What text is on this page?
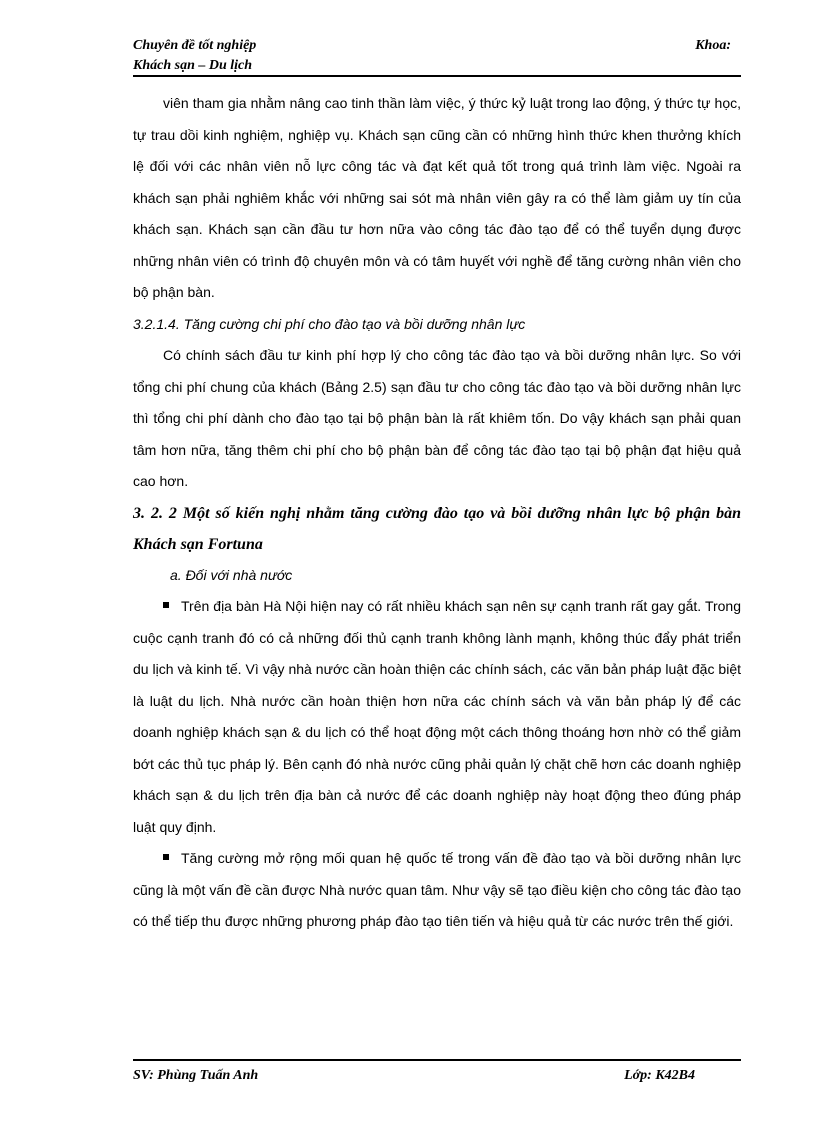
Chuyên đề tốt nghiệp	Khoa:
Khách sạn – Du lịch

viên tham gia nhằm nâng cao tinh thần làm việc, ý thức kỷ luật trong lao động, ý thức tự học, tự trau dồi kinh nghiệm, nghiệp vụ. Khách sạn cũng cần có những hình thức khen thưởng khích lệ đối với các nhân viên nỗ lực công tác và đạt kết quả tốt trong quá trình làm việc. Ngoài ra khách sạn phải nghiêm khắc với những sai sót mà nhân viên gây ra có thể làm giảm uy tín của khách sạn. Khách sạn cần đầu tư hơn nữa vào công tác đào tạo để có thể tuyển dụng được những nhân viên có trình độ chuyên môn và có tâm huyết với nghề để tăng cường nhân viên cho bộ phận bàn.

3.2.1.4. Tăng cường chi phí cho đào tạo và bồi dưỡng nhân lực

Có chính sách đầu tư kinh phí hợp lý cho công tác đào tạo và bồi dưỡng nhân lực. So với tổng chi phí chung của khách (Bảng 2.5) sạn đầu tư cho công tác đào tạo và bồi dưỡng nhân lực thì tổng chi phí dành cho đào tạo tại bộ phận bàn là rất khiêm tốn. Do vậy khách sạn phải quan tâm hơn nữa, tăng thêm chi phí cho bộ phận bàn để công tác đào tạo tại bộ phận đạt hiệu quả cao hơn.

3. 2. 2 Một số kiến nghị nhằm tăng cường đào tạo và bồi dưỡng nhân lực bộ phận bàn Khách sạn Fortuna

a. Đối với nhà nước

Trên địa bàn Hà Nội hiện nay có rất nhiều khách sạn nên sự cạnh tranh rất gay gắt. Trong cuộc cạnh tranh đó có cả những đối thủ cạnh tranh không lành mạnh, không thúc đẩy phát triển du lịch và kinh tế. Vì vậy nhà nước cần hoàn thiện các chính sách, các văn bản pháp luật đặc biệt là luật du lịch. Nhà nước cần hoàn thiện hơn nữa các chính sách và văn bản pháp lý để các doanh nghiệp khách sạn & du lịch có thể hoạt động một cách thông thoáng hơn nhờ có thể giảm bớt các thủ tục pháp lý. Bên cạnh đó nhà nước cũng phải quản lý chặt chẽ hơn các doanh nghiệp khách sạn & du lịch trên địa bàn cả nước để các doanh nghiệp này hoạt động theo đúng pháp luật quy định.

Tăng cường mở rộng mối quan hệ quốc tế trong vấn đề đào tạo và bồi dưỡng nhân lực cũng là một vấn đề cần được Nhà nước quan tâm. Như vậy sẽ tạo điều kiện cho công tác đào tạo có thể tiếp thu được những phương pháp đào tạo tiên tiến và hiệu quả từ các nước trên thế giới.

SV: Phùng Tuấn Anh	Lớp: K42B4
